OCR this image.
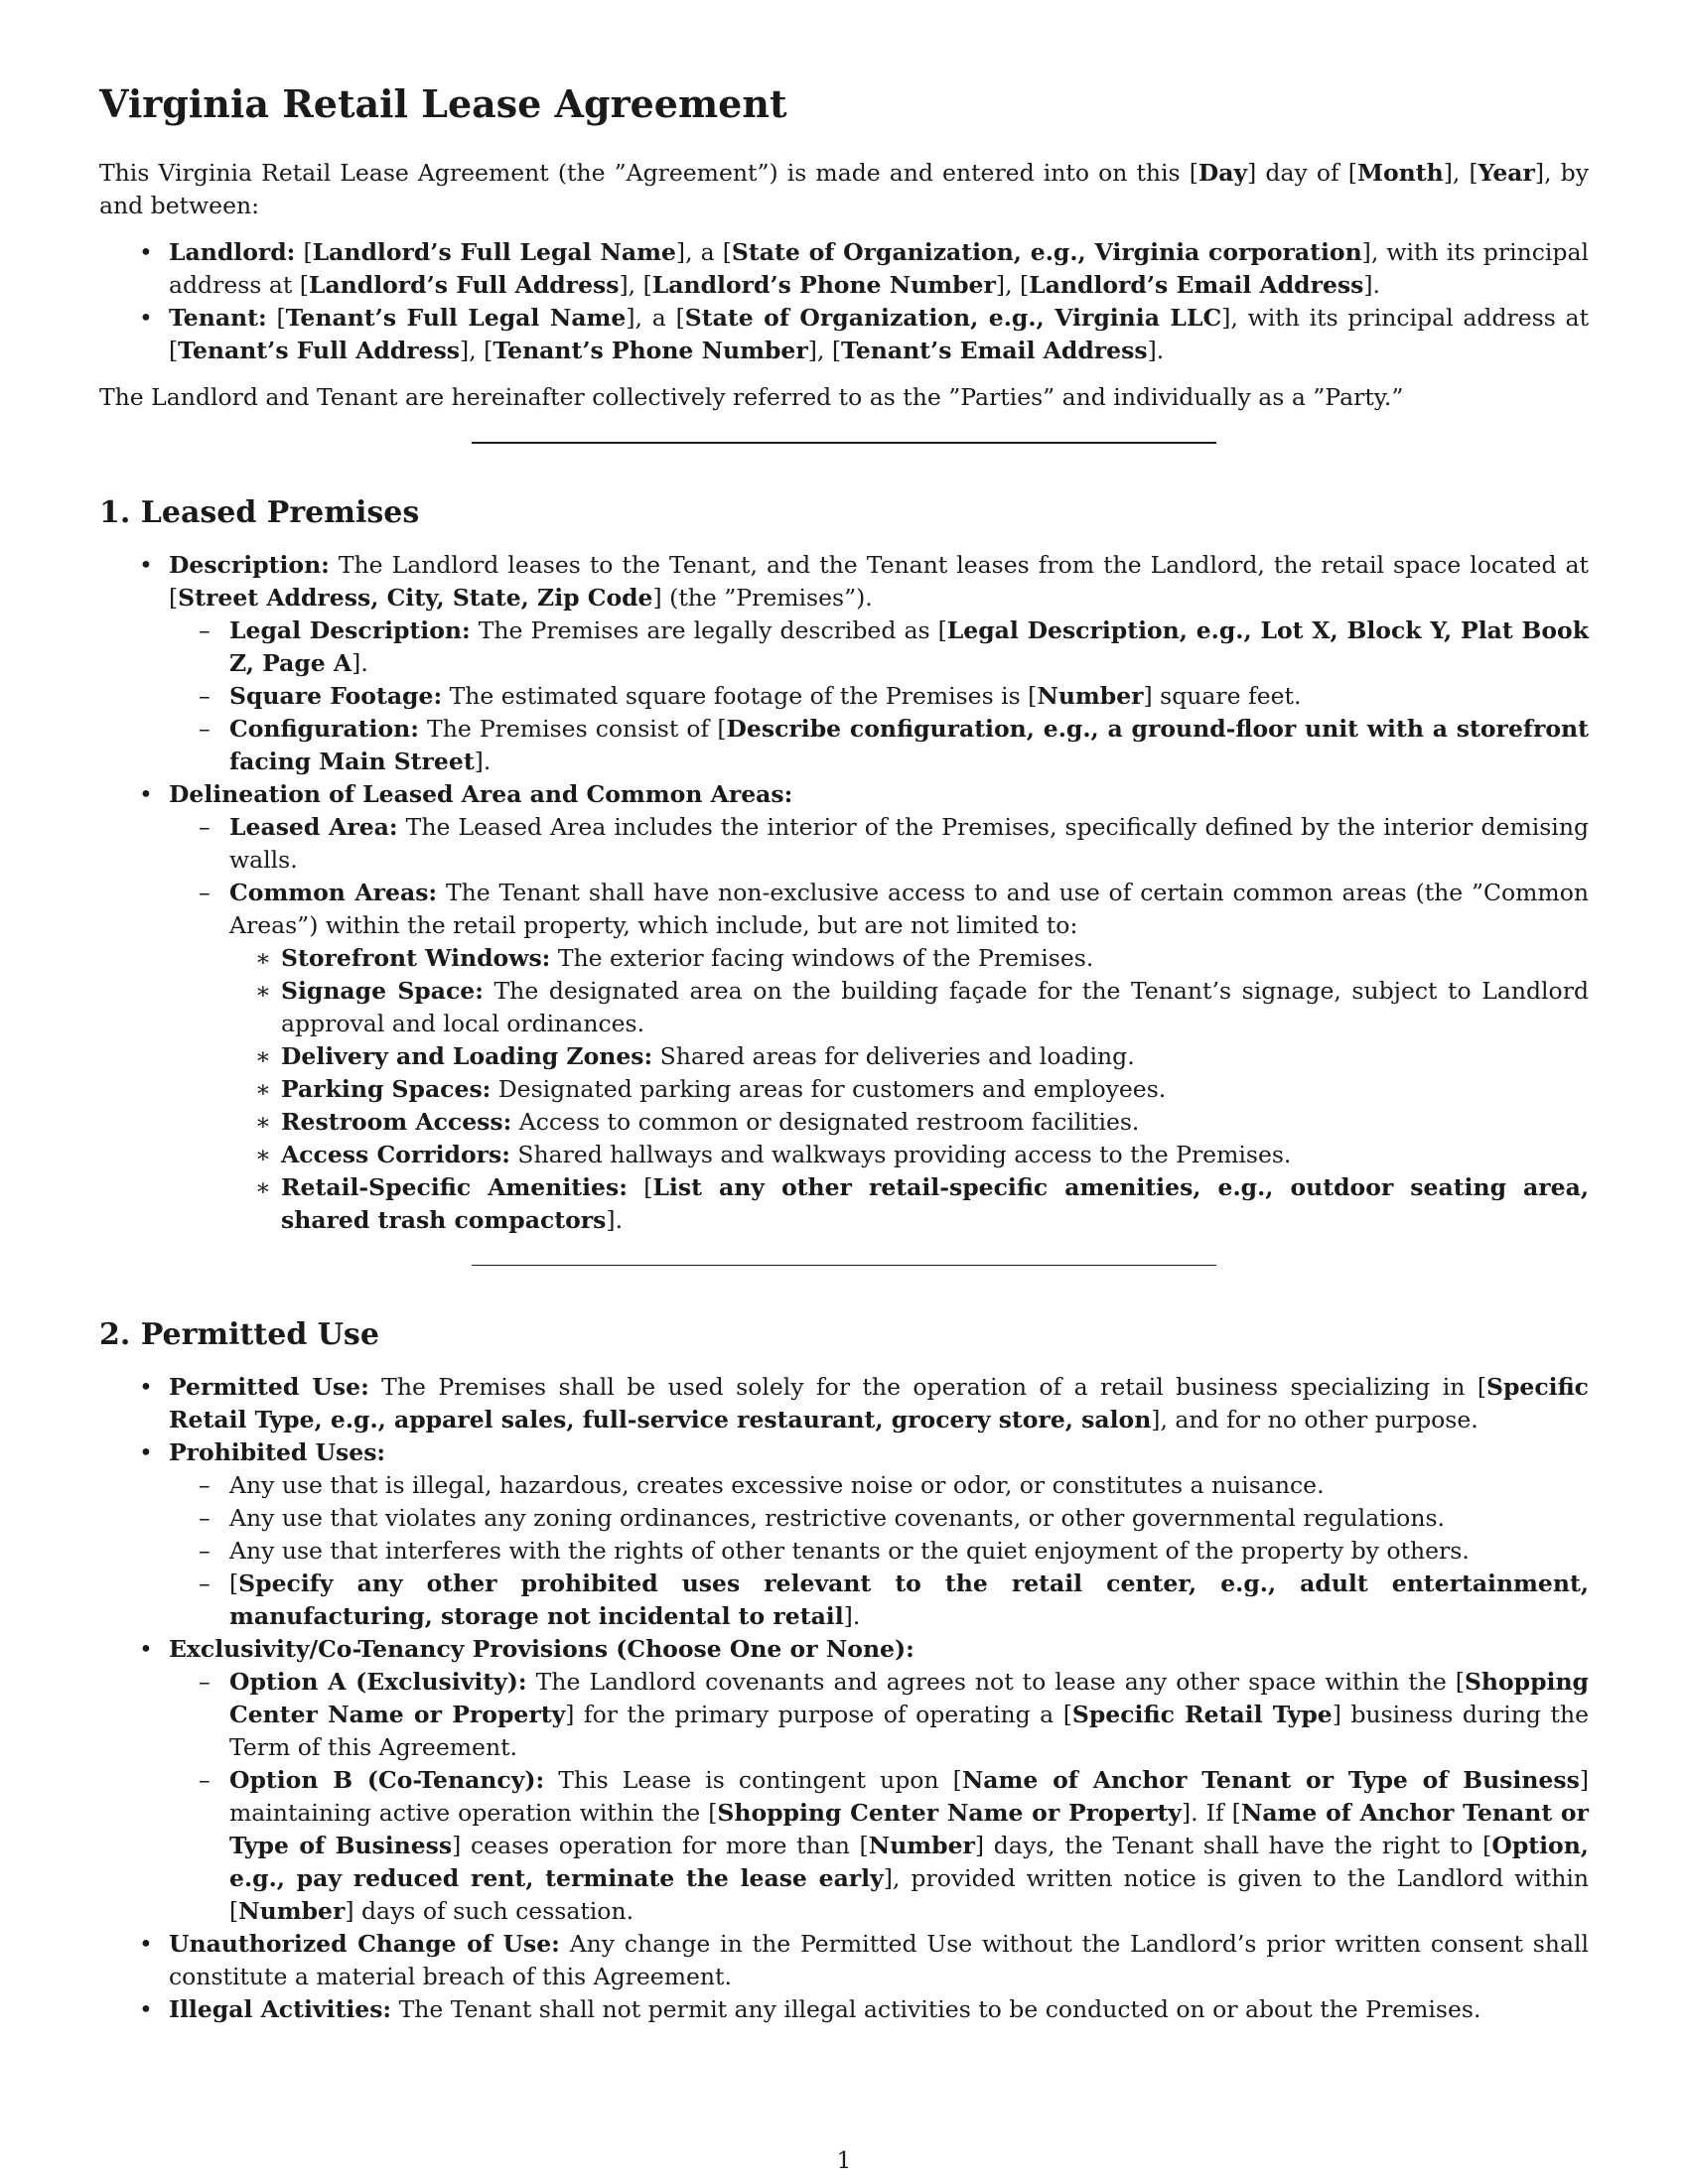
Virginia Retail Lease Agreement

This Virginia Retail Lease Agreement (the ”Agreement”) is made and entered into on this [Day] day of [Month], [Year], by and between:

• Landlord: [Landlord’s Full Legal Name], a [State of Organization, e.g., Virginia corporation], with its principal address at [Landlord’s Full Address], [Landlord’s Phone Number], [Landlord’s Email Address].
• Tenant: [Tenant’s Full Legal Name], a [State of Organization, e.g., Virginia LLC], with its principal address at [Tenant’s Full Address], [Tenant’s Phone Number], [Tenant’s Email Address].

The Landlord and Tenant are hereinafter collectively referred to as the ”Parties” and individually as a ”Party.”

1. Leased Premises
• Description: The Landlord leases to the Tenant, and the Tenant leases from the Landlord, the retail space located at [Street Address, City, State, Zip Code] (the ”Premises”).
– Legal Description: The Premises are legally described as [Legal Description, e.g., Lot X, Block Y, Plat Book Z, Page A].
– Square Footage: The estimated square footage of the Premises is [Number] square feet.
– Configuration: The Premises consist of [Describe configuration, e.g., a ground-floor unit with a storefront facing Main Street].
• Delineation of Leased Area and Common Areas:
– Leased Area: The Leased Area includes the interior of the Premises, specifically defined by the interior demising walls.
– Common Areas: The Tenant shall have non-exclusive access to and use of certain common areas (the ”Common Areas”) within the retail property, which include, but are not limited to:
∗ Storefront Windows: The exterior facing windows of the Premises.
∗ Signage Space: The designated area on the building façade for the Tenant’s signage, subject to Landlord approval and local ordinances.
∗ Delivery and Loading Zones: Shared areas for deliveries and loading.
∗ Parking Spaces: Designated parking areas for customers and employees.
∗ Restroom Access: Access to common or designated restroom facilities.
∗ Access Corridors: Shared hallways and walkways providing access to the Premises.
∗ Retail-Specific Amenities: [List any other retail-specific amenities, e.g., outdoor seating area, shared trash compactors].
2. Permitted Use
• Permitted Use: The Premises shall be used solely for the operation of a retail business specializing in [Specific Retail Type, e.g., apparel sales, full-service restaurant, grocery store, salon], and for no other purpose.
• Prohibited Uses:
– Any use that is illegal, hazardous, creates excessive noise or odor, or constitutes a nuisance.
– Any use that violates any zoning ordinances, restrictive covenants, or other governmental regulations.
– Any use that interferes with the rights of other tenants or the quiet enjoyment of the property by others.
– [Specify any other prohibited uses relevant to the retail center, e.g., adult entertainment, manufacturing, storage not incidental to retail].
• Exclusivity/Co-Tenancy Provisions (Choose One or None):
– Option A (Exclusivity): The Landlord covenants and agrees not to lease any other space within the [Shopping Center Name or Property] for the primary purpose of operating a [Specific Retail Type] business during the Term of this Agreement.
– Option B (Co-Tenancy): This Lease is contingent upon [Name of Anchor Tenant or Type of Business] maintaining active operation within the [Shopping Center Name or Property]. If [Name of Anchor Tenant or Type of Business] ceases operation for more than [Number] days, the Tenant shall have the right to [Option, e.g., pay reduced rent, terminate the lease early], provided written notice is given to the Landlord within [Number] days of such cessation.
• Unauthorized Change of Use: Any change in the Permitted Use without the Landlord’s prior written consent shall constitute a material breach of this Agreement.
• Illegal Activities: The Tenant shall not permit any illegal activities to be conducted on or about the Premises.
1
